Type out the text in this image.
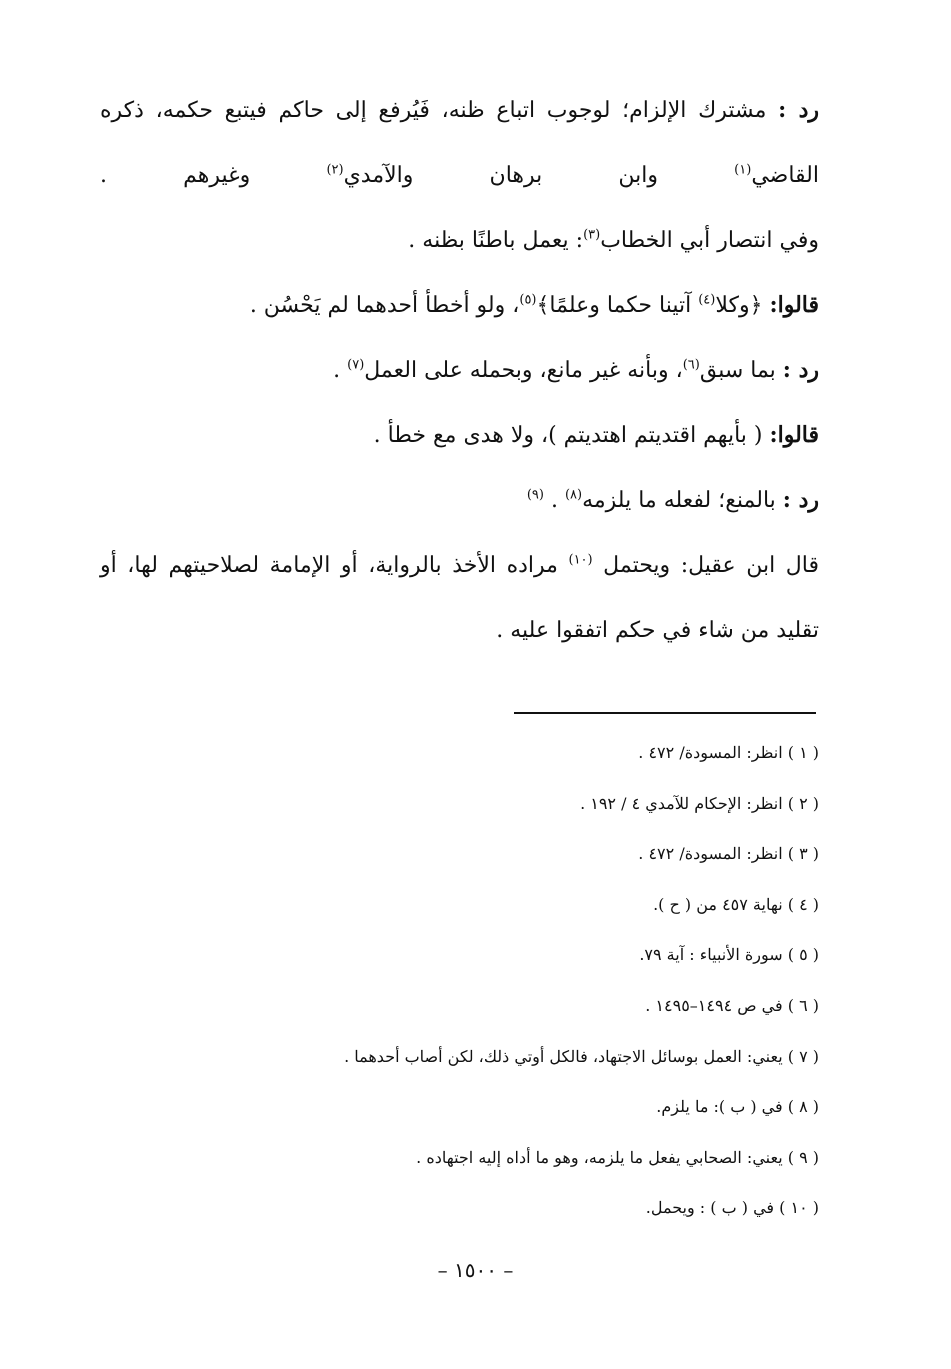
رد : مشترك الإلزام؛ لوجوب اتباع ظنه، فَيُرفع إلى حاكم فيتبع حكمه، ذكره القاضي$^{(١)}$ وابن برهان والآمدي$^{(٢)}$ وغيرهم .

وفي انتصار أبي الخطاب$^{(٣)}$: يعمل باطنًا بظنه .

قالوا: ﴿وكلا$^{(٤)}$ آتينا حكما وعلمًا﴾$^{(٥)}$، ولو أخطأ أحدهما لم يَحْسُن .

رد : بما سبق$^{(٦)}$، وبأنه غير مانع، وبحمله على العمل$^{(٧)}$ .

قالوا: ( بأيهم اقتديتم اهتديتم )، ولا هدى مع خطأ .

رد : بالمنع؛ لفعله ما يلزمه$^{(٨)}$ . $^{(٩)}$

قال ابن عقيل: ويحتمل $^{(١٠)}$ مراده الأخذ بالرواية، أو الإمامة لصلاحيتهم لها، أو تقليد من شاء في حكم اتفقوا عليه .

( ١ ) انظر: المسودة/ ٤٧٢ .
( ٢ ) انظر: الإحكام للآمدي ٤ / ١٩٢ .
( ٣ ) انظر: المسودة/ ٤٧٢ .
( ٤ ) نهاية ٤٥٧ من ( ح ).
( ٥ ) سورة الأنبياء : آية ٧٩.
( ٦ ) في ص ١٤٩٤–١٤٩٥ .
( ٧ ) يعني: العمل بوسائل الاجتهاد، فالكل أوتي ذلك، لكن أصاب أحدهما .
( ٨ ) في ( ب ): ما يلزم.
( ٩ ) يعني: الصحابي يفعل ما يلزمه، وهو ما أداه إليه اجتهاده .
( ١٠ ) في ( ب ) : ويحمل.
– ١٥٠٠ –
